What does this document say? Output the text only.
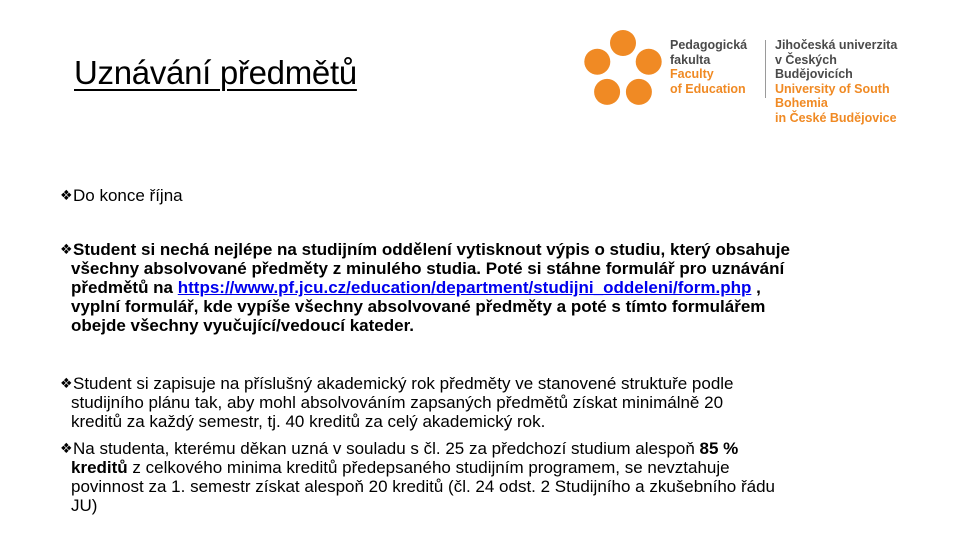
Uznávání předmětů
Pedagogická
fakulta
Faculty
of Education
Jihočeská univerzita
v Českých Budějovicích
University of South Bohemia
in České Budějovice
❖ Do konce října
❖ Student si nechá nejlépe na studijním oddělení vytisknout výpis o studiu, který obsahuje
všechny absolvované předměty z minulého studia. Poté si stáhne formulář pro uznávání
předmětů na https://www.pf.jcu.cz/education/department/studijni_oddeleni/form.php ,
vyplní formulář, kde vypíše všechny absolvované předměty a poté s tímto formulářem
obejde všechny vyučující/vedoucí kateder.
❖ Student si zapisuje na příslušný akademický rok předměty ve stanovené struktuře podle
studijního plánu tak, aby mohl absolvováním zapsaných předmětů získat minimálně 20
kreditů za každý semestr, tj. 40 kreditů za celý akademický rok.
❖ Na studenta, kterému děkan uzná v souladu s čl. 25 za předchozí studium alespoň 85 %
kreditů z celkového minima kreditů předepsaného studijním programem, se nevztahuje
povinnost za 1. semestr získat alespoň 20 kreditů (čl. 24 odst. 2 Studijního a zkušebního řádu
JU)
